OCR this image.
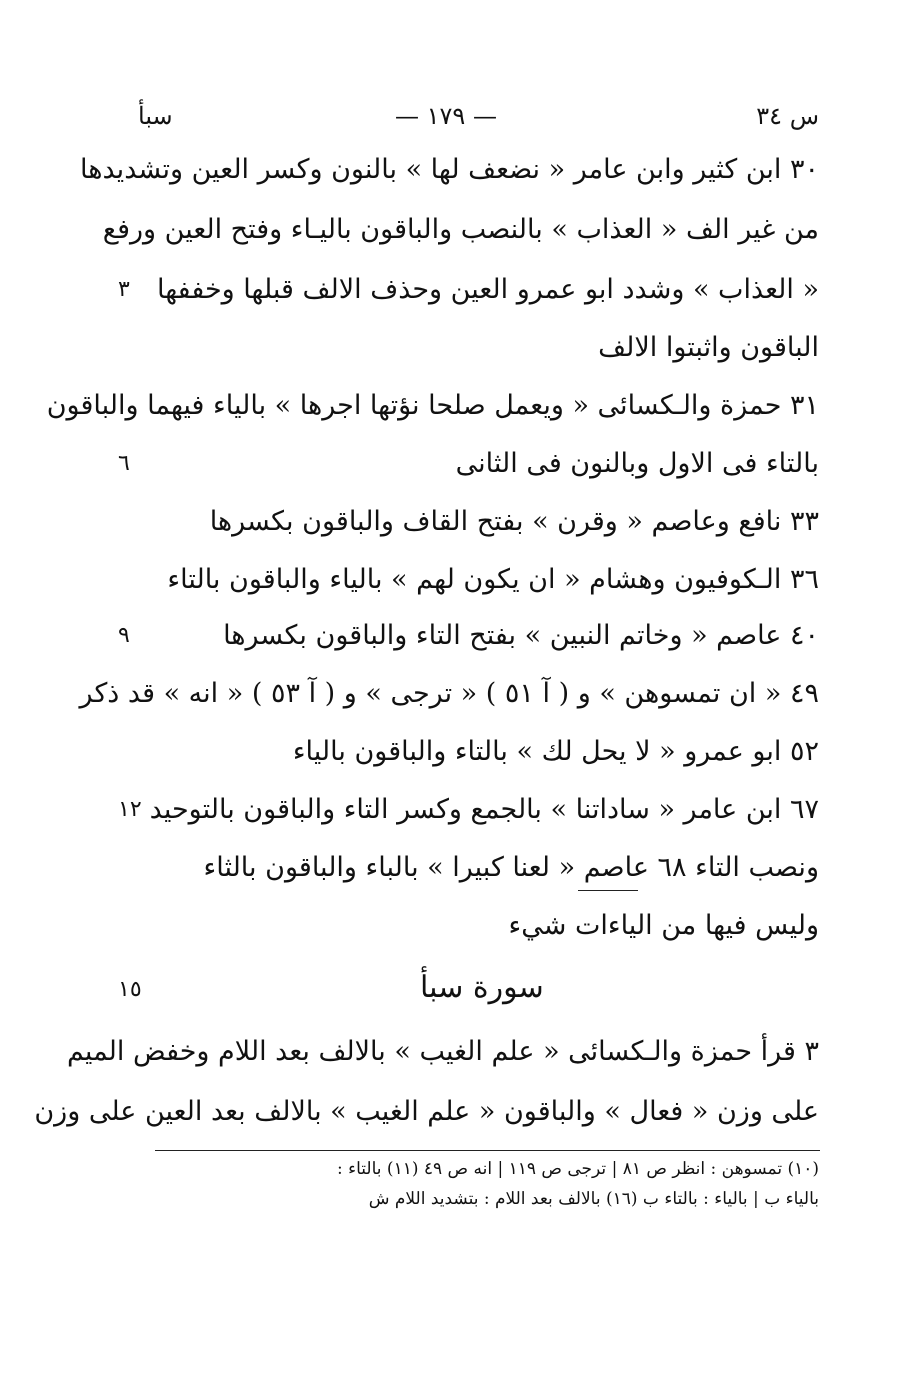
س ٣٤
— ١٧٩ —
سبأ
٣٠ ابن كثير وابن عامر « نضعف لها » بالنون وكسر العين وتشديدها
من غير الف « العذاب » بالنصب والباقون باليـاء وفتح العين ورفع
« العذاب » وشدد ابو عمرو العين وحذف الالف قبلها وخففها
٣
الباقون واثبتوا الالف
٣١ حمزة والـكسائى « ويعمل صلحا نؤتها اجرها » بالياء فيهما والباقون
بالتاء فى الاول وبالنون فى الثانى
٦
٣٣ نافع وعاصم « وقرن » بفتح القاف والباقون بكسرها
٣٦ الـكوفيون وهشام « ان يكون لهم » بالياء والباقون بالتاء
٤٠ عاصم « وخاتم النبين » بفتح التاء والباقون بكسرها
٩
٤٩ « ان تمسوهن » و ( آ ٥١ ) « ترجى » و ( آ ٥٣ ) « انه » قد ذكر
٥٢ ابو عمرو « لا يحل لك » بالتاء والباقون بالياء
٦٧ ابن عامر « ساداتنا » بالجمع وكسر التاء والباقون بالتوحيد
١٢
ونصب التاء ٦٨ عاصم « لعنا كبيرا » بالباء والباقون بالثاء
وليس فيها من الياءات شيء
سورة سبأ
١٥
٣ قرأ حمزة والـكسائى « علم الغيب » بالالف بعد اللام وخفض الميم
على وزن « فعال » والباقون « علم الغيب » بالالف بعد العين على وزن
(١٠) تمسوهن : انظر ص ٨١ | ترجى ص ١١٩ | انه ص ٤٩ (١١) بالتاء :
بالياء ب | بالياء : بالتاء ب (١٦) بالالف بعد اللام : بتشديد اللام ش
